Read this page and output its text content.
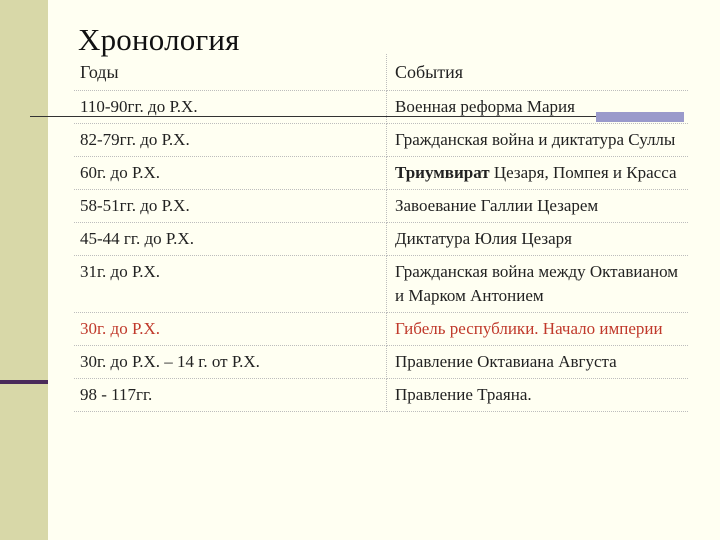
Хронология
Годы	События
110-90гг. до Р.Х.	Военная реформа Мария
82-79гг. до Р.Х.	Гражданская война и диктатура Суллы
60г. до Р.Х.	Триумвират Цезаря, Помпея и Красса
58-51гг. до Р.Х.	Завоевание Галлии Цезарем
45-44 гг. до Р.Х.	Диктатура Юлия Цезаря
31г. до Р.Х.	Гражданская война между Октавианом и Марком Антонием
30г. до Р.Х.	Гибель республики. Начало империи
30г. до Р.Х. – 14 г. от Р.Х.	Правление Октавиана Августа
98 - 117гг.	Правление Траяна.
